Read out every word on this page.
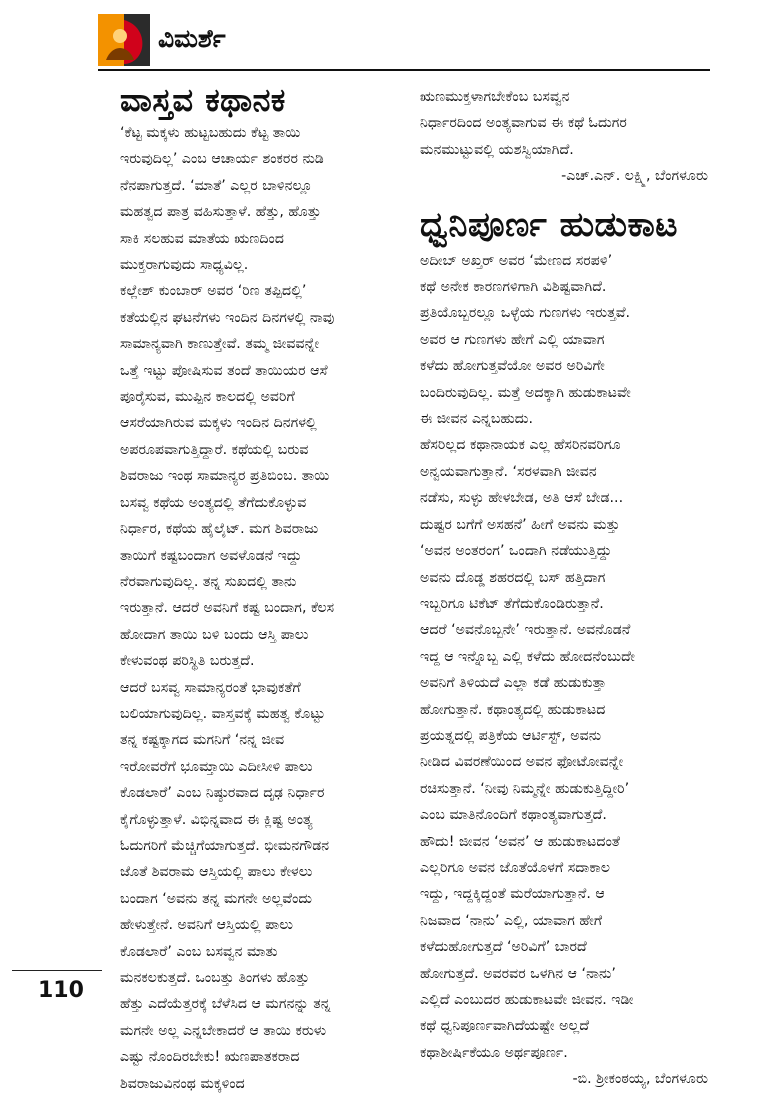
ವಿಮರ್ಶೆ
ವಾಸ್ತವ ಕಥಾನಕ
‘ಕೆಟ್ಟ ಮಕ್ಕಳು ಹುಟ್ಟಬಹುದು ಕೆಟ್ಟ ತಾಯಿ
ಇರುವುದಿಲ್ಲ’ ಎಂಬ ಆಚಾರ್ಯ ಶಂಕರರ ನುಡಿ
ನೆನಪಾಗುತ್ತದೆ. ‘ಮಾತೆ’ ಎಲ್ಲರ ಬಾಳಿನಲ್ಲೂ
ಮಹತ್ವದ ಪಾತ್ರ ವಹಿಸುತ್ತಾಳೆ. ಹೆತ್ತು, ಹೊತ್ತು
ಸಾಕಿ ಸಲಹುವ ಮಾತೆಯ ಋಣದಿಂದ
ಮುಕ್ತರಾಗುವುದು ಸಾಧ್ಯವಿಲ್ಲ.
ಕಲ್ಲೇಶ್ ಕುಂಬಾರ್ ಅವರ ‘ರಿಣ ತಪ್ಪಿದಲ್ಲಿ’
ಕತೆಯಲ್ಲಿನ ಘಟನೆಗಳು ಇಂದಿನ ದಿನಗಳಲ್ಲಿ ನಾವು
ಸಾಮಾನ್ಯವಾಗಿ ಕಾಣುತ್ತೇವೆ. ತಮ್ಮ ಜೀವವನ್ನೇ
ಒತ್ತೆ ಇಟ್ಟು ಪೋಷಿಸುವ ತಂದೆ ತಾಯಿಯರ ಆಸೆ
ಪೂರೈಸುವ, ಮುಪ್ಪಿನ ಕಾಲದಲ್ಲಿ ಅವರಿಗೆ
ಆಸರೆಯಾಗಿರುವ ಮಕ್ಕಳು ಇಂದಿನ ದಿನಗಳಲ್ಲಿ
ಅಪರೂಪವಾಗುತ್ತಿದ್ದಾರೆ. ಕಥೆಯಲ್ಲಿ ಬರುವ
ಶಿವರಾಜು ಇಂಥ ಸಾಮಾನ್ಯರ ಪ್ರತಿಬಿಂಬ. ತಾಯಿ
ಬಸವ್ವ ಕಥೆಯ ಅಂತ್ಯದಲ್ಲಿ ತೆಗೆದುಕೊಳ್ಳುವ
ನಿರ್ಧಾರ, ಕಥೆಯ ಹೈಲೈಟ್. ಮಗ ಶಿವರಾಜು
ತಾಯಿಗೆ ಕಷ್ಟಬಂದಾಗ ಅವಳೊಡನೆ ಇದ್ದು
ನೆರವಾಗುವುದಿಲ್ಲ. ತನ್ನ ಸುಖದಲ್ಲಿ ತಾನು
ಇರುತ್ತಾನೆ. ಆದರೆ ಅವನಿಗೆ ಕಷ್ಟ ಬಂದಾಗ, ಕೆಲಸ
ಹೋದಾಗ ತಾಯಿ ಬಳಿ ಬಂದು ಆಸ್ತಿ ಪಾಲು
ಕೇಳುವಂಥ ಪರಿಸ್ಥಿತಿ ಬರುತ್ತದೆ.
ಆದರೆ ಬಸವ್ವ ಸಾಮಾನ್ಯರಂತೆ ಭಾವುಕತೆಗೆ
ಬಲಿಯಾಗುವುದಿಲ್ಲ. ವಾಸ್ತವಕ್ಕೆ ಮಹತ್ವ ಕೊಟ್ಟು
ತನ್ನ ಕಷ್ಟಕ್ಕಾಗದ ಮಗನಿಗೆ ‘ನನ್ನ ಜೀವ
ಇರೋವರೆಗೆ ಭೂಮ್ತಾಯಿ ಎದೀಸೀಳಿ ಪಾಲು
ಕೊಡಲಾರೆ’ ಎಂಬ ನಿಷ್ಠುರವಾದ ದೃಢ ನಿರ್ಧಾರ
ಕೈಗೊಳ್ಳುತ್ತಾಳೆ. ವಿಭಿನ್ನವಾದ ಈ ಕ್ಲಿಷ್ಟ ಅಂತ್ಯ
ಓದುಗರಿಗೆ ಮೆಚ್ಚಿಗೆಯಾಗುತ್ತದೆ. ಭೀಮನಗೌಡನ
ಜೊತೆ ಶಿವರಾಮ ಆಸ್ತಿಯಲ್ಲಿ ಪಾಲು ಕೇಳಲು
ಬಂದಾಗ ‘ಅವನು ತನ್ನ ಮಗನೇ ಅಲ್ಲವೆಂದು
ಹೇಳುತ್ತೇನೆ. ಅವನಿಗೆ ಆಸ್ತಿಯಲ್ಲಿ ಪಾಲು
ಕೊಡಲಾರೆ’ ಎಂಬ ಬಸವ್ವನ ಮಾತು
ಮನಕಲಕುತ್ತದೆ. ಒಂಬತ್ತು ತಿಂಗಳು ಹೊತ್ತು
ಹೆತ್ತು ಎದೆಯೆತ್ತರಕ್ಕೆ ಬೆಳೆಸಿದ ಆ ಮಗನನ್ನು ತನ್ನ
ಮಗನೇ ಅಲ್ಲ ಎನ್ನಬೇಕಾದರೆ ಆ ತಾಯಿ ಕರುಳು
ಎಷ್ಟು ನೊಂದಿರಬೇಕು! ಋಣಪಾತಕರಾದ
ಶಿವರಾಜುವಿನಂಥ ಮಕ್ಕಳಿಂದ
ಋಣಮುಕ್ತಳಾಗಬೇಕೆಂಬ ಬಸವ್ವನ
ನಿರ್ಧಾರದಿಂದ ಅಂತ್ಯವಾಗುವ ಈ ಕಥೆ ಓದುಗರ
ಮನಮುಟ್ಟುವಲ್ಲಿ ಯಶಸ್ವಿಯಾಗಿದೆ.
-ಎಚ್.ಎನ್. ಲಕ್ಷ್ಮಿ, ಬೆಂಗಳೂರು
ಧ್ವನಿಪೂರ್ಣ ಹುಡುಕಾಟ
ಅದೀಬ್ ಅಖ್ತರ್ ಅವರ ‘ಮೇಣದ ಸರಪಳಿ’
ಕಥೆ ಅನೇಕ ಕಾರಣಗಳಿಗಾಗಿ ವಿಶಿಷ್ಟವಾಗಿದೆ.
ಪ್ರತಿಯೊಬ್ಬರಲ್ಲೂ ಒಳ್ಳೆಯ ಗುಣಗಳು ಇರುತ್ತವೆ.
ಅವರ ಆ ಗುಣಗಳು ಹೇಗೆ ಎಲ್ಲಿ ಯಾವಾಗ
ಕಳೆದು ಹೋಗುತ್ತವೆಯೋ ಅವರ ಅರಿವಿಗೇ
ಬಂದಿರುವುದಿಲ್ಲ. ಮತ್ತೆ ಅದಕ್ಕಾಗಿ ಹುಡುಕಾಟವೇ
ಈ ಜೀವನ ಎನ್ನಬಹುದು.
ಹೆಸರಿಲ್ಲದ ಕಥಾನಾಯಕ ಎಲ್ಲ ಹೆಸರಿನವರಿಗೂ
ಅನ್ವಯವಾಗುತ್ತಾನೆ. ‘ಸರಳವಾಗಿ ಜೀವನ
ನಡೆಸು, ಸುಳ್ಳು ಹೇಳಬೇಡ, ಅತಿ ಆಸೆ ಬೇಡ...
ದುಷ್ಟರ ಬಗೆಗೆ ಅಸಹನೆ’ ಹೀಗೆ ಅವನು ಮತ್ತು
‘ಅವನ ಅಂತರಂಗ’ ಒಂದಾಗಿ ನಡೆಯುತ್ತಿದ್ದು
ಅವನು ದೊಡ್ಡ ಶಹರದಲ್ಲಿ ಬಸ್ ಹತ್ತಿದಾಗ
ಇಬ್ಬರಿಗೂ ಟಿಕೆಟ್ ತೆಗೆದುಕೊಂಡಿರುತ್ತಾನೆ.
ಆದರೆ ‘ಅವನೊಬ್ಬನೇ’ ಇರುತ್ತಾನೆ. ಅವನೊಡನೆ
ಇದ್ದ ಆ ಇನ್ನೊಬ್ಬ ಎಲ್ಲಿ ಕಳೆದು ಹೋದನೆಂಬುದೇ
ಅವನಿಗೆ ತಿಳಿಯದೆ ಎಲ್ಲಾ ಕಡೆ ಹುಡುಕುತ್ತಾ
ಹೋಗುತ್ತಾನೆ. ಕಥಾಂತ್ಯದಲ್ಲಿ ಹುಡುಕಾಟದ
ಪ್ರಯತ್ನದಲ್ಲಿ ಪತ್ರಿಕೆಯ ಆರ್ಟಿಸ್ಟ್, ಅವನು
ನೀಡಿದ ವಿವರಣೆಯಿಂದ ಅವನ ಫೋಟೋವನ್ನೇ
ರಚಿಸುತ್ತಾನೆ. ‘ನೀವು ನಿಮ್ಮನ್ನೇ ಹುಡುಕುತ್ತಿದ್ದೀರಿ’
ಎಂಬ ಮಾತಿನೊಂದಿಗೆ ಕಥಾಂತ್ಯವಾಗುತ್ತದೆ.
ಹೌದು! ಜೀವನ ‘ಅವನ’ ಆ ಹುಡುಕಾಟದಂತೆ
ಎಲ್ಲರಿಗೂ ಅವನ ಜೊತೆಯೊಳಗೆ ಸದಾಕಾಲ
ಇದ್ದು, ಇದ್ದಕ್ಕಿದ್ದಂತೆ ಮರೆಯಾಗುತ್ತಾನೆ. ಆ
ನಿಜವಾದ ‘ನಾನು’ ಎಲ್ಲಿ, ಯಾವಾಗ ಹೇಗೆ
ಕಳೆದುಹೋಗುತ್ತದೆ ‘ಅರಿವಿಗೆ’ ಬಾರದೆ
ಹೋಗುತ್ತದೆ. ಅವರವರ ಒಳಗಿನ ಆ ‘ನಾನು’
ಎಲ್ಲಿದೆ ಎಂಬುದರ ಹುಡುಕಾಟವೇ ಜೀವನ. ಇಡೀ
ಕಥೆ ಧ್ವನಿಪೂರ್ಣವಾಗಿದೆಯಷ್ಟೇ ಅಲ್ಲದೆ
ಕಥಾಶೀರ್ಷಿಕೆಯೂ ಅರ್ಥಪೂರ್ಣ.
-ಬಿ. ಶ್ರೀಕಂಠಯ್ಯ, ಬೆಂಗಳೂರು
110
